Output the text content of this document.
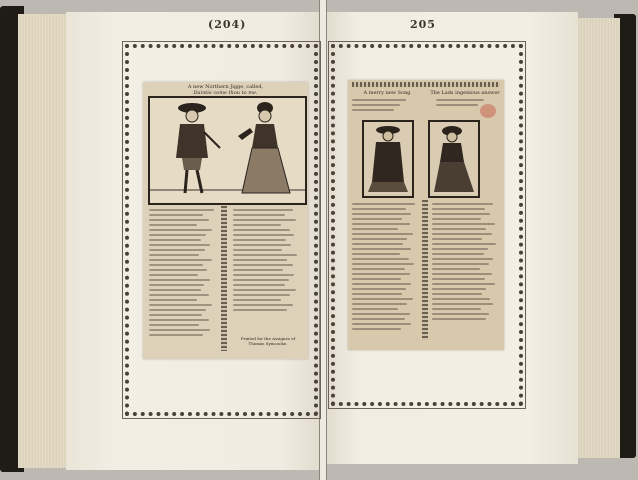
(204)	205
A new Northern Jigge, called,
Daintie come thou to me.
Printed for the Assignes of Thomas Symcocke.
A merry new Song	The Lads ingenious answer
